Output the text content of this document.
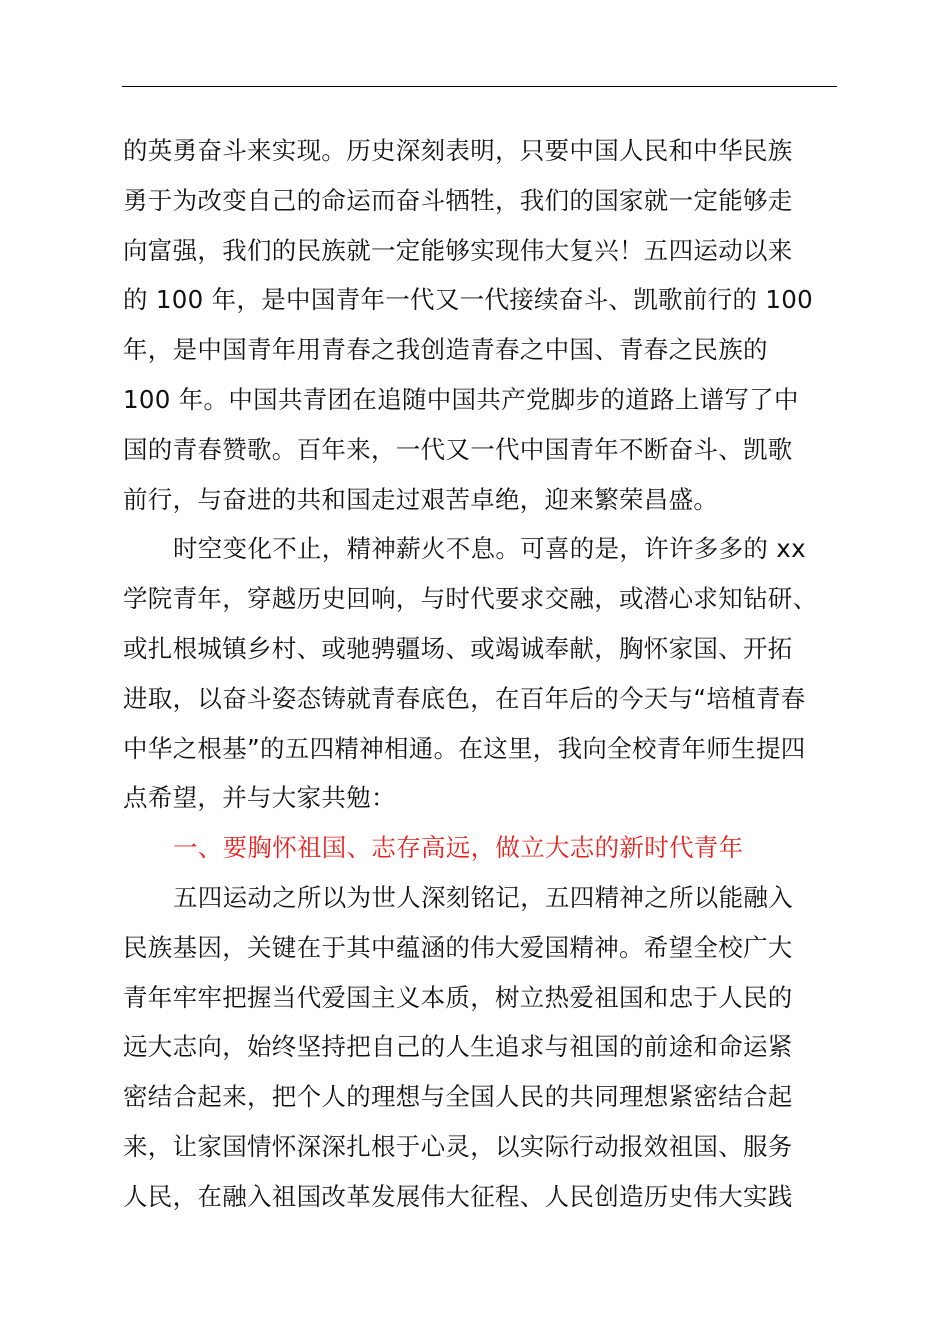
的英勇奋斗来实现。历史深刻表明，只要中国人民和中华民族
勇于为改变自己的命运而奋斗牺牲，我们的国家就一定能够走
向富强，我们的民族就一定能够实现伟大复兴！五四运动以来
的 100 年，是中国青年一代又一代接续奋斗、凯歌前行的 100
年，是中国青年用青春之我创造青春之中国、青春之民族的
100 年。中国共青团在追随中国共产党脚步的道路上谱写了中
国的青春赞歌。百年来，一代又一代中国青年不断奋斗、凯歌
前行，与奋进的共和国走过艰苦卓绝，迎来繁荣昌盛。
时空变化不止，精神薪火不息。可喜的是，许许多多的 xx
学院青年，穿越历史回响，与时代要求交融，或潜心求知钻研、
或扎根城镇乡村、或驰骋疆场、或竭诚奉献，胸怀家国、开拓
进取，以奋斗姿态铸就青春底色，在百年后的今天与“培植青春
中华之根基”的五四精神相通。在这里，我向全校青年师生提四
点希望，并与大家共勉：
一、要胸怀祖国、志存高远，做立大志的新时代青年
五四运动之所以为世人深刻铭记，五四精神之所以能融入
民族基因，关键在于其中蕴涵的伟大爱国精神。希望全校广大
青年牢牢把握当代爱国主义本质，树立热爱祖国和忠于人民的
远大志向，始终坚持把自己的人生追求与祖国的前途和命运紧
密结合起来，把个人的理想与全国人民的共同理想紧密结合起
来，让家国情怀深深扎根于心灵，以实际行动报效祖国、服务
人民，在融入祖国改革发展伟大征程、人民创造历史伟大实践
